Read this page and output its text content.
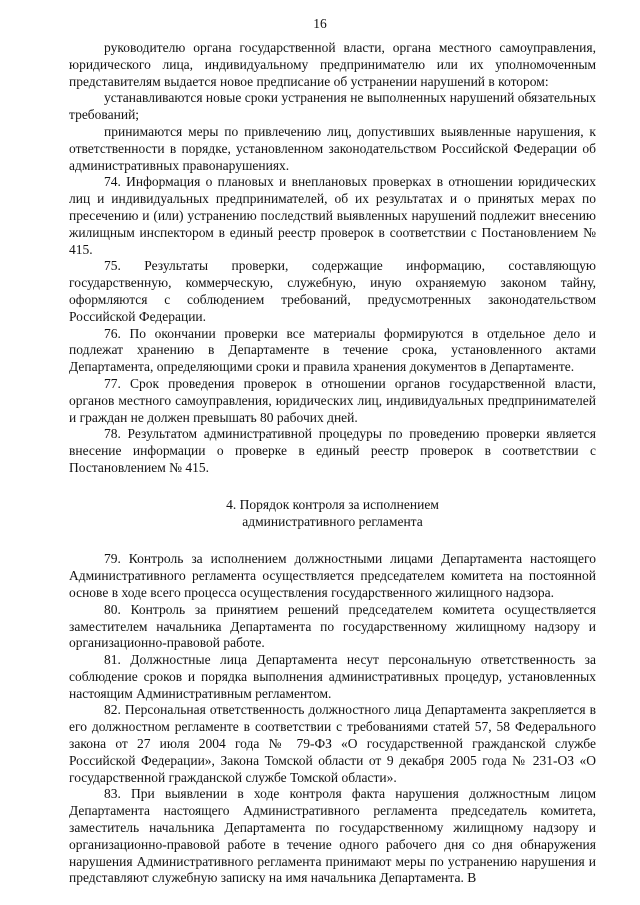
16

руководителю органа государственной власти, органа местного самоуправления, юридического лица, индивидуальному предпринимателю или их уполномоченным представителям выдается новое предписание об устранении нарушений в котором:

устанавливаются новые сроки устранения не выполненных нарушений обязательных требований;

принимаются меры по привлечению лиц, допустивших выявленные нарушения, к ответственности в порядке, установленном законодательством Российской Федерации об административных правонарушениях.

74. Информация о плановых и внеплановых проверках в отношении юридических лиц и индивидуальных предпринимателей, об их результатах и о принятых мерах по пресечению и (или) устранению последствий выявленных нарушений подлежит внесению жилищным инспектором в единый реестр проверок в соответствии с Постановлением № 415.

75. Результаты проверки, содержащие информацию, составляющую государственную, коммерческую, служебную, иную охраняемую законом тайну, оформляются с соблюдением требований, предусмотренных законодательством Российской Федерации.

76. По окончании проверки все материалы формируются в отдельное дело и подлежат хранению в Департаменте в течение срока, установленного актами Департамента, определяющими сроки и правила хранения документов в Департаменте.

77. Срок проведения проверок в отношении органов государственной власти, органов местного самоуправления, юридических лиц, индивидуальных предпринимателей и граждан не должен превышать 80 рабочих дней.

78. Результатом административной процедуры по проведению проверки является внесение информации о проверке в единый реестр проверок в соответствии с Постановлением № 415.

4. Порядок контроля за исполнением
административного регламента

79. Контроль за исполнением должностными лицами Департамента настоящего Административного регламента осуществляется председателем комитета на постоянной основе в ходе всего процесса осуществления государственного жилищного надзора.

80. Контроль за принятием решений председателем комитета осуществляется заместителем начальника Департамента по государственному жилищному надзору и организационно-правовой работе.

81. Должностные лица Департамента несут персональную ответственность за соблюдение сроков и порядка выполнения административных процедур, установленных настоящим Административным регламентом.

82. Персональная ответственность должностного лица Департамента закрепляется в его должностном регламенте в соответствии с требованиями статей 57, 58 Федерального закона от 27 июля 2004 года № 79-ФЗ «О государственной гражданской службе Российской Федерации», Закона Томской области от 9 декабря 2005 года № 231-ОЗ «О государственной гражданской службе Томской области».

83. При выявлении в ходе контроля факта нарушения должностным лицом Департамента настоящего Административного регламента председатель комитета, заместитель начальника Департамента по государственному жилищному надзору и организационно-правовой работе в течение одного рабочего дня со дня обнаружения нарушения Административного регламента принимают меры по устранению нарушения и представляют служебную записку на имя начальника Департамента. В
